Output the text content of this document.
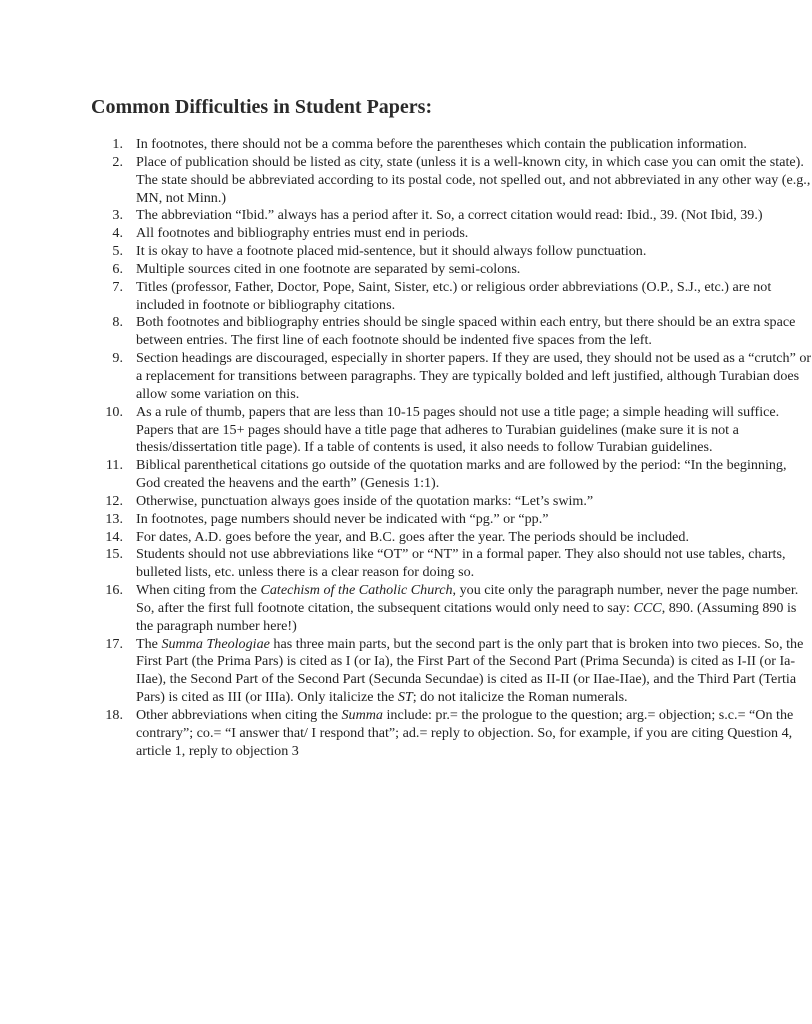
Common Difficulties in Student Papers:
1. In footnotes, there should not be a comma before the parentheses which contain the publication information.
2. Place of publication should be listed as city, state (unless it is a well-known city, in which case you can omit the state). The state should be abbreviated according to its postal code, not spelled out, and not abbreviated in any other way (e.g., MN, not Minn.)
3. The abbreviation “Ibid.” always has a period after it. So, a correct citation would read: Ibid., 39. (Not Ibid, 39.)
4. All footnotes and bibliography entries must end in periods.
5. It is okay to have a footnote placed mid-sentence, but it should always follow punctuation.
6. Multiple sources cited in one footnote are separated by semi-colons.
7. Titles (professor, Father, Doctor, Pope, Saint, Sister, etc.) or religious order abbreviations (O.P., S.J., etc.) are not included in footnote or bibliography citations.
8. Both footnotes and bibliography entries should be single spaced within each entry, but there should be an extra space between entries. The first line of each footnote should be indented five spaces from the left.
9. Section headings are discouraged, especially in shorter papers. If they are used, they should not be used as a “crutch” or a replacement for transitions between paragraphs. They are typically bolded and left justified, although Turabian does allow some variation on this.
10. As a rule of thumb, papers that are less than 10-15 pages should not use a title page; a simple heading will suffice. Papers that are 15+ pages should have a title page that adheres to Turabian guidelines (make sure it is not a thesis/dissertation title page). If a table of contents is used, it also needs to follow Turabian guidelines.
11. Biblical parenthetical citations go outside of the quotation marks and are followed by the period: “In the beginning, God created the heavens and the earth” (Genesis 1:1).
12. Otherwise, punctuation always goes inside of the quotation marks: “Let’s swim.”
13. In footnotes, page numbers should never be indicated with “pg.” or “pp.”
14. For dates, A.D. goes before the year, and B.C. goes after the year. The periods should be included.
15. Students should not use abbreviations like “OT” or “NT” in a formal paper. They also should not use tables, charts, bulleted lists, etc. unless there is a clear reason for doing so.
16. When citing from the Catechism of the Catholic Church, you cite only the paragraph number, never the page number. So, after the first full footnote citation, the subsequent citations would only need to say: CCC, 890. (Assuming 890 is the paragraph number here!)
17. The Summa Theologiae has three main parts, but the second part is the only part that is broken into two pieces. So, the First Part (the Prima Pars) is cited as I (or Ia), the First Part of the Second Part (Prima Secunda) is cited as I-II (or Ia-IIae), the Second Part of the Second Part (Secunda Secundae) is cited as II-II (or IIae-IIae), and the Third Part (Tertia Pars) is cited as III (or IIIa). Only italicize the ST; do not italicize the Roman numerals.
18. Other abbreviations when citing the Summa include: pr.= the prologue to the question; arg.= objection; s.c.= “On the contrary”; co.= “I answer that/ I respond that”; ad.= reply to objection. So, for example, if you are citing Question 4, article 1, reply to objection 3
